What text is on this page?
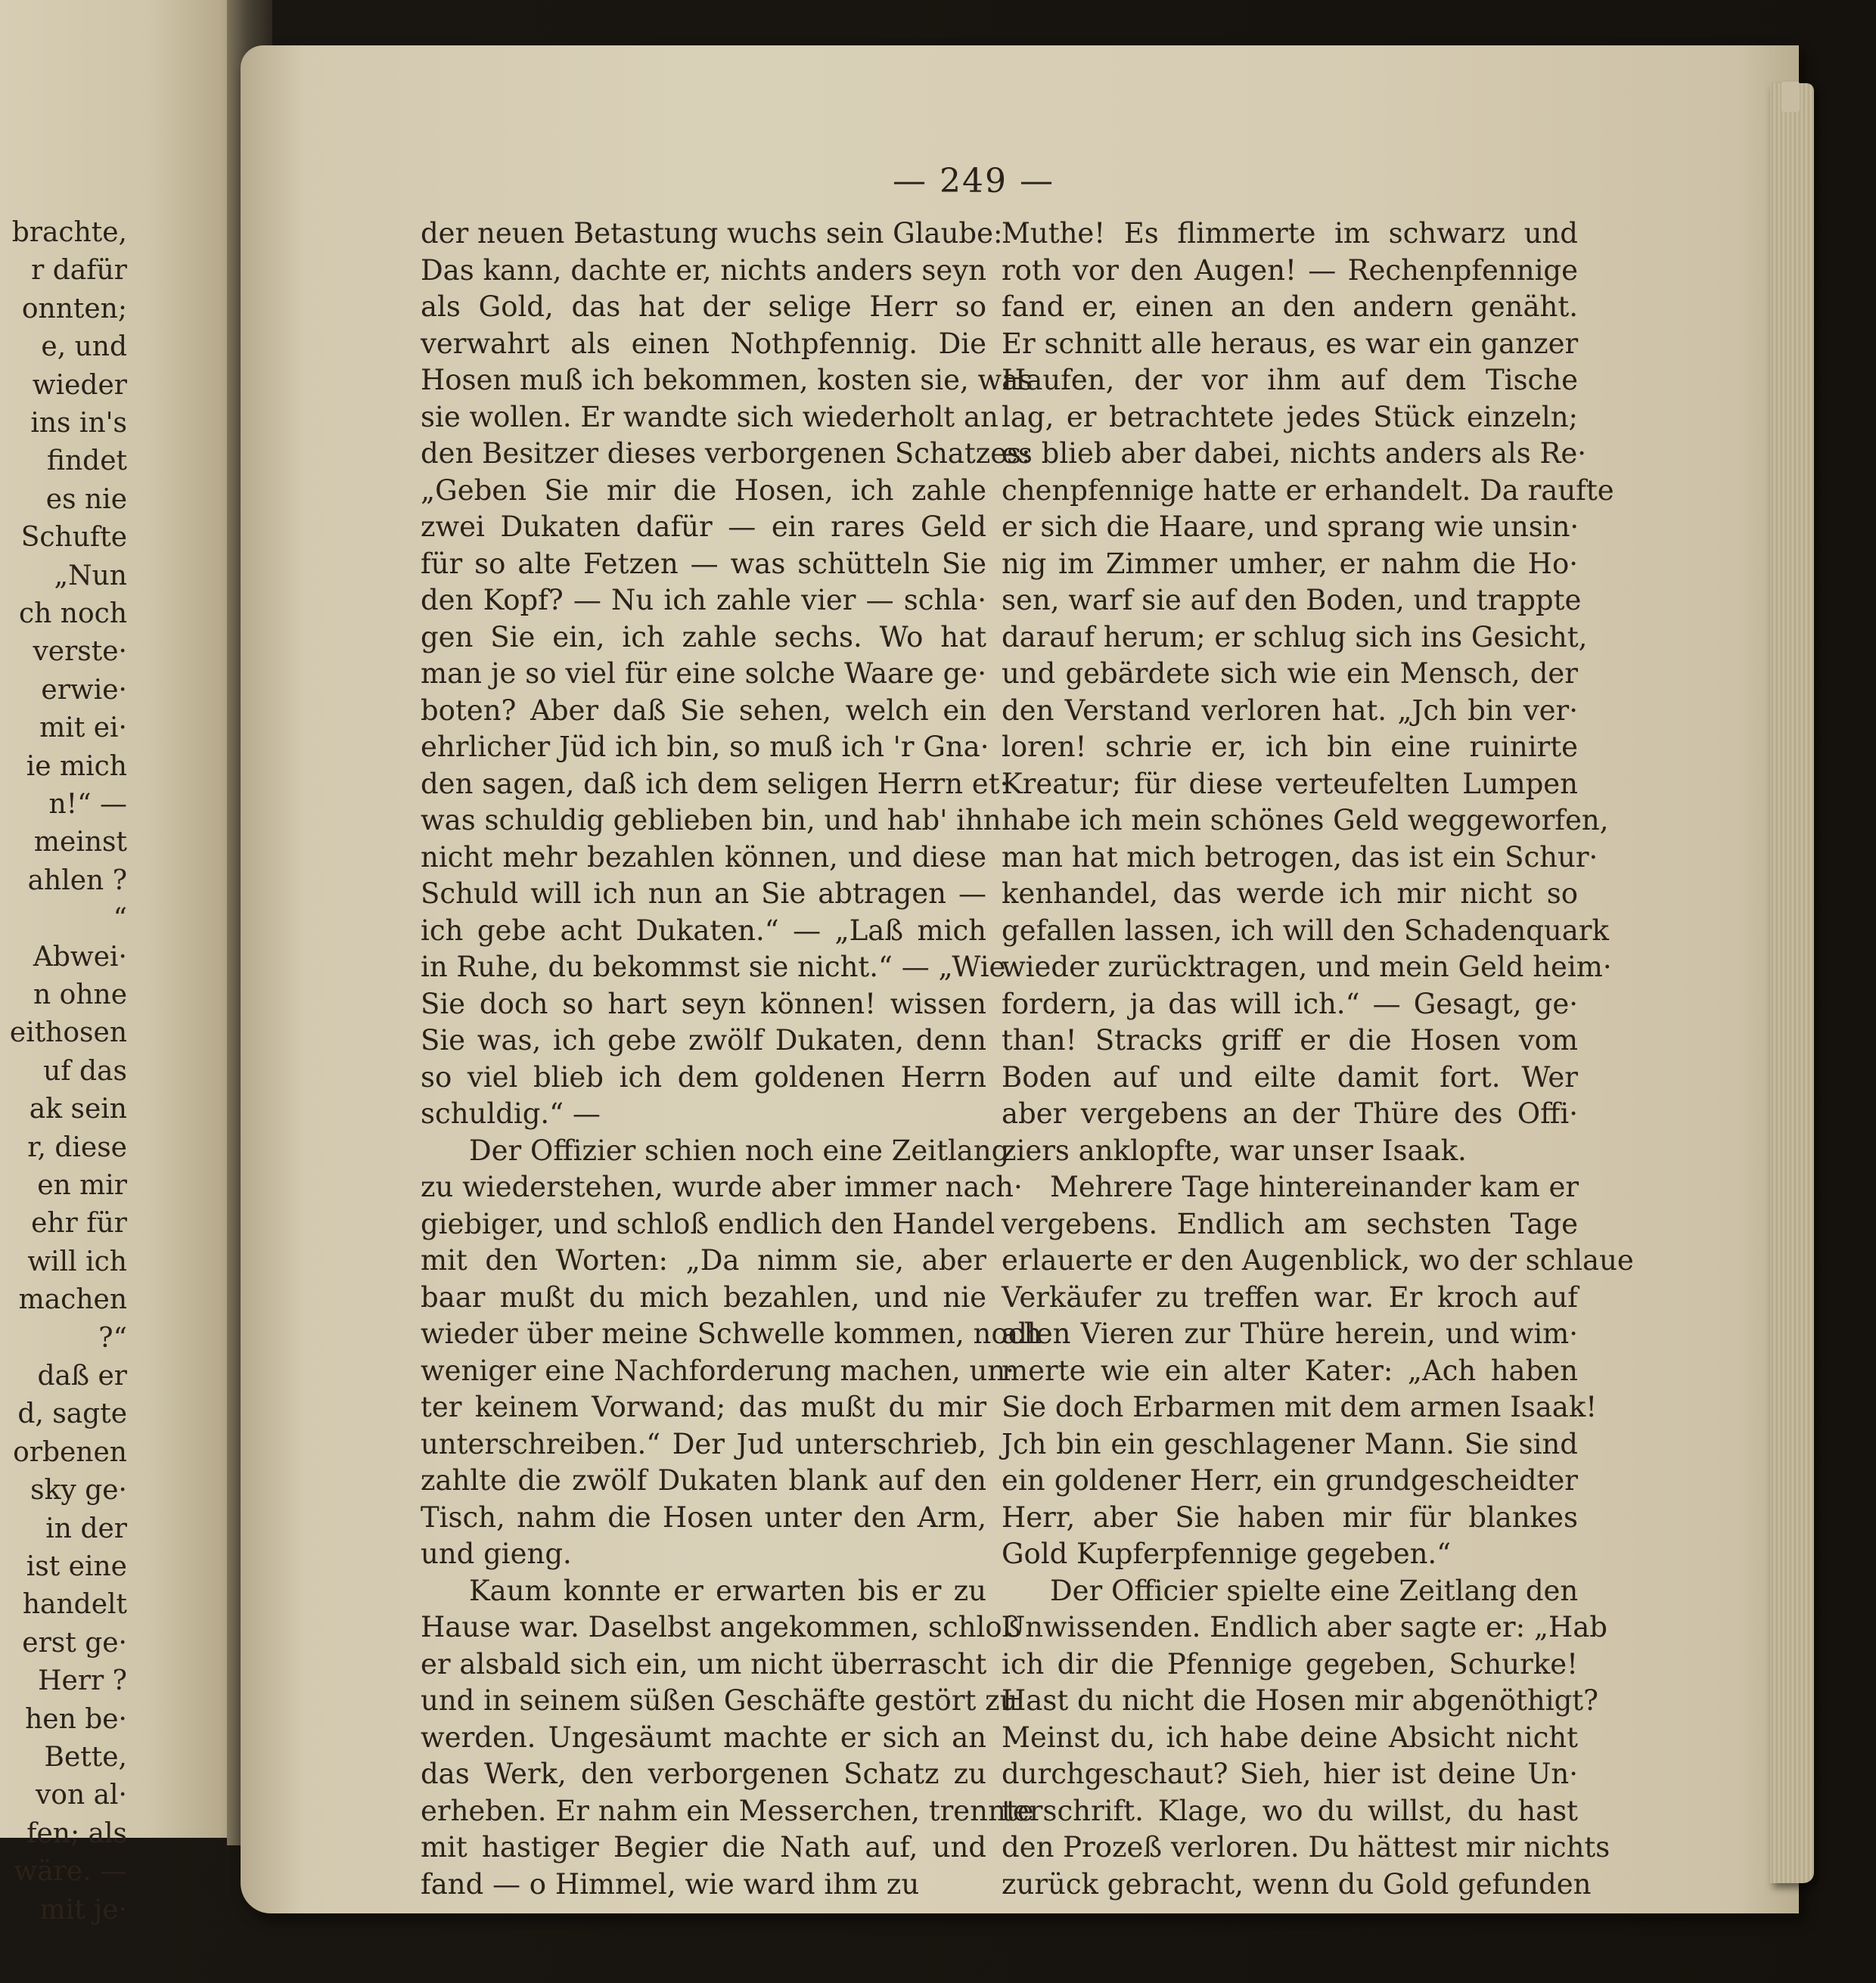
brachte,

r dafür

onnten;

e, und

wieder

ins in's

findet

es nie

Schufte

„Nun

ch noch

verste·

erwie·

mit ei·

ie mich

n!“ —

meinst

ahlen ?

“

Abwei·

n ohne

eithosen

uf das

ak sein

r, diese

en mir

ehr für

will ich

machen

?“

daß er

d, sagte

orbenen

sky ge·

in der

ist eine

handelt

erst ge·

Herr ?

hen be·

Bette,

von al·

fen; als

wäre. —

mit je·

— 249 —

der neuen Betastung wuchs sein Glaube:

Das kann, dachte er, nichts anders seyn

als Gold, das hat der selige Herr so

verwahrt als einen Nothpfennig. Die

Hosen muß ich bekommen, kosten sie, was

sie wollen. Er wandte sich wiederholt an

den Besitzer dieses verborgenen Schatzes:

„Geben Sie mir die Hosen, ich zahle

zwei Dukaten dafür — ein rares Geld

für so alte Fetzen — was schütteln Sie

den Kopf? — Nu ich zahle vier — schla·

gen Sie ein, ich zahle sechs. Wo hat

man je so viel für eine solche Waare ge·

boten? Aber daß Sie sehen, welch ein

ehrlicher Jüd ich bin, so muß ich 'r Gna·

den sagen, daß ich dem seligen Herrn et·

was schuldig geblieben bin, und hab' ihn

nicht mehr bezahlen können, und diese

Schuld will ich nun an Sie abtragen —

ich gebe acht Dukaten.“ — „Laß mich

in Ruhe, du bekommst sie nicht.“ — „Wie

Sie doch so hart seyn können! wissen

Sie was, ich gebe zwölf Dukaten, denn

so viel blieb ich dem goldenen Herrn

schuldig.“ —

Der Offizier schien noch eine Zeitlang

zu wiederstehen, wurde aber immer nach·

giebiger, und schloß endlich den Handel

mit den Worten: „Da nimm sie, aber

baar mußt du mich bezahlen, und nie

wieder über meine Schwelle kommen, noch

weniger eine Nachforderung machen, un·

ter keinem Vorwand; das mußt du mir

unterschreiben.“ Der Jud unterschrieb,

zahlte die zwölf Dukaten blank auf den

Tisch, nahm die Hosen unter den Arm,

und gieng.

Kaum konnte er erwarten bis er zu

Hause war. Daselbst angekommen, schloß

er alsbald sich ein, um nicht überrascht

und in seinem süßen Geschäfte gestört zu

werden. Ungesäumt machte er sich an

das Werk, den verborgenen Schatz zu

erheben. Er nahm ein Messerchen, trennte

mit hastiger Begier die Nath auf, und

fand — o Himmel, wie ward ihm zu

Muthe! Es flimmerte im schwarz und

roth vor den Augen! — Rechenpfennige

fand er, einen an den andern genäht.

Er schnitt alle heraus, es war ein ganzer

Haufen, der vor ihm auf dem Tische

lag, er betrachtete jedes Stück einzeln;

es blieb aber dabei, nichts anders als Re·

chenpfennige hatte er erhandelt. Da raufte

er sich die Haare, und sprang wie unsin·

nig im Zimmer umher, er nahm die Ho·

sen, warf sie auf den Boden, und trappte

darauf herum; er schlug sich ins Gesicht,

und gebärdete sich wie ein Mensch, der

den Verstand verloren hat. „Jch bin ver·

loren! schrie er, ich bin eine ruinirte

Kreatur; für diese verteufelten Lumpen

habe ich mein schönes Geld weggeworfen,

man hat mich betrogen, das ist ein Schur·

kenhandel, das werde ich mir nicht so

gefallen lassen, ich will den Schadenquark

wieder zurücktragen, und mein Geld heim·

fordern, ja das will ich.“ — Gesagt, ge·

than! Stracks griff er die Hosen vom

Boden auf und eilte damit fort. Wer

aber vergebens an der Thüre des Offi·

ziers anklopfte, war unser Isaak.

Mehrere Tage hintereinander kam er

vergebens. Endlich am sechsten Tage

erlauerte er den Augenblick, wo der schlaue

Verkäufer zu treffen war. Er kroch auf

allen Vieren zur Thüre herein, und wim·

merte wie ein alter Kater: „Ach haben

Sie doch Erbarmen mit dem armen Isaak!

Jch bin ein geschlagener Mann. Sie sind

ein goldener Herr, ein grundgescheidter

Herr, aber Sie haben mir für blankes

Gold Kupferpfennige gegeben.“

Der Officier spielte eine Zeitlang den

Unwissenden. Endlich aber sagte er: „Hab

ich dir die Pfennige gegeben, Schurke!

Hast du nicht die Hosen mir abgenöthigt?

Meinst du, ich habe deine Absicht nicht

durchgeschaut? Sieh, hier ist deine Un·

terschrift. Klage, wo du willst, du hast

den Prozeß verloren. Du hättest mir nichts

zurück gebracht, wenn du Gold gefunden
